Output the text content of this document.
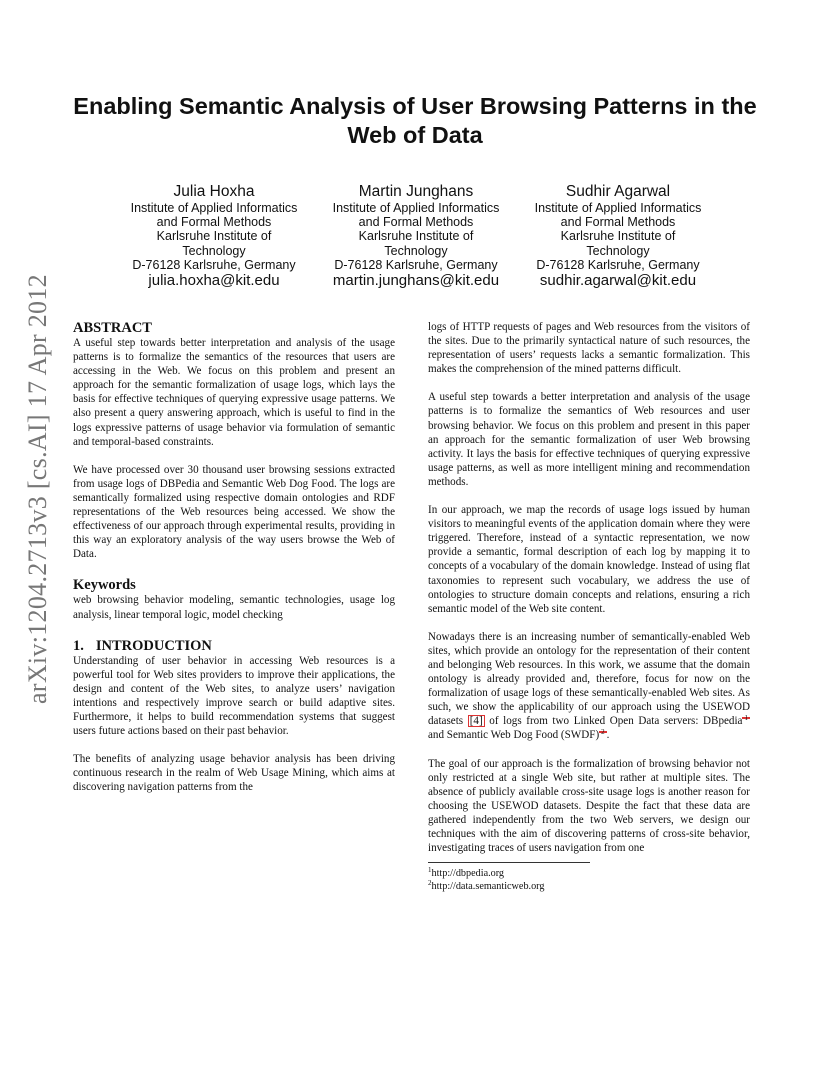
arXiv:1204.2713v3 [cs.AI] 17 Apr 2012
Enabling Semantic Analysis of User Browsing Patterns in the Web of Data
Julia Hoxha
Institute of Applied Informatics
and Formal Methods
Karlsruhe Institute of
Technology
D-76128 Karlsruhe, Germany
julia.hoxha@kit.edu
Martin Junghans
Institute of Applied Informatics
and Formal Methods
Karlsruhe Institute of
Technology
D-76128 Karlsruhe, Germany
martin.junghans@kit.edu
Sudhir Agarwal
Institute of Applied Informatics
and Formal Methods
Karlsruhe Institute of
Technology
D-76128 Karlsruhe, Germany
sudhir.agarwal@kit.edu
ABSTRACT

A useful step towards better interpretation and analysis of the usage patterns is to formalize the semantics of the resources that users are accessing in the Web. We focus on this problem and present an approach for the semantic formalization of usage logs, which lays the basis for effective techniques of querying expressive usage patterns. We also present a query answering approach, which is useful to find in the logs expressive patterns of usage behavior via formulation of semantic and temporal-based constraints.

We have processed over 30 thousand user browsing sessions extracted from usage logs of DBPedia and Semantic Web Dog Food. The logs are semantically formalized using respective domain ontologies and RDF representations of the Web resources being accessed. We show the effectiveness of our approach through experimental results, providing in this way an exploratory analysis of the way users browse the Web of Data.

Keywords

web browsing behavior modeling, semantic technologies, usage log analysis, linear temporal logic, model checking

1. INTRODUCTION

Understanding of user behavior in accessing Web resources is a powerful tool for Web sites providers to improve their applications, the design and content of the Web sites, to analyze users’ navigation intentions and respectively improve search or build adaptive sites. Furthermore, it helps to build recommendation systems that suggest users future actions based on their past behavior.

The benefits of analyzing usage behavior analysis has been driving continuous research in the realm of Web Usage Mining, which aims at discovering navigation patterns from the

logs of HTTP requests of pages and Web resources from the visitors of the sites. Due to the primarily syntactical nature of such resources, the representation of users’ requests lacks a semantic formalization. This makes the comprehension of the mined patterns difficult.

A useful step towards a better interpretation and analysis of the usage patterns is to formalize the semantics of Web resources and user browsing behavior. We focus on this problem and present in this paper an approach for the semantic formalization of user Web browsing activity. It lays the basis for effective techniques of querying expressive usage patterns, as well as more intelligent mining and recommendation methods.

In our approach, we map the records of usage logs issued by human visitors to meaningful events of the application domain where they were triggered. Therefore, instead of a syntactic representation, we now provide a semantic, formal description of each log by mapping it to concepts of a vocabulary of the domain knowledge. Instead of using flat taxonomies to represent such vocabulary, we address the use of ontologies to structure domain concepts and relations, ensuring a rich semantic model of the Web site content.

Nowadays there is an increasing number of semantically-enabled Web sites, which provide an ontology for the representation of their content and belonging Web resources. In this work, we assume that the domain ontology is already provided and, therefore, focus for now on the formalization of usage logs of these semantically-enabled Web sites. As such, we show the applicability of our approach using the USEWOD datasets [4] of logs from two Linked Open Data servers: DBpedia $^1$ and Semantic Web Dog Food (SWDF) $^2$ .

The goal of our approach is the formalization of browsing behavior not only restricted at a single Web site, but rather at multiple sites. The absence of publicly available cross-site usage logs is another reason for choosing the USEWOD datasets. Despite the fact that these data are gathered independently from the two Web servers, we design our techniques with the aim of discovering patterns of cross-site behavior, investigating traces of users navigation from one

$^1$http://dbpedia.org

$^2$http://data.semanticweb.org
